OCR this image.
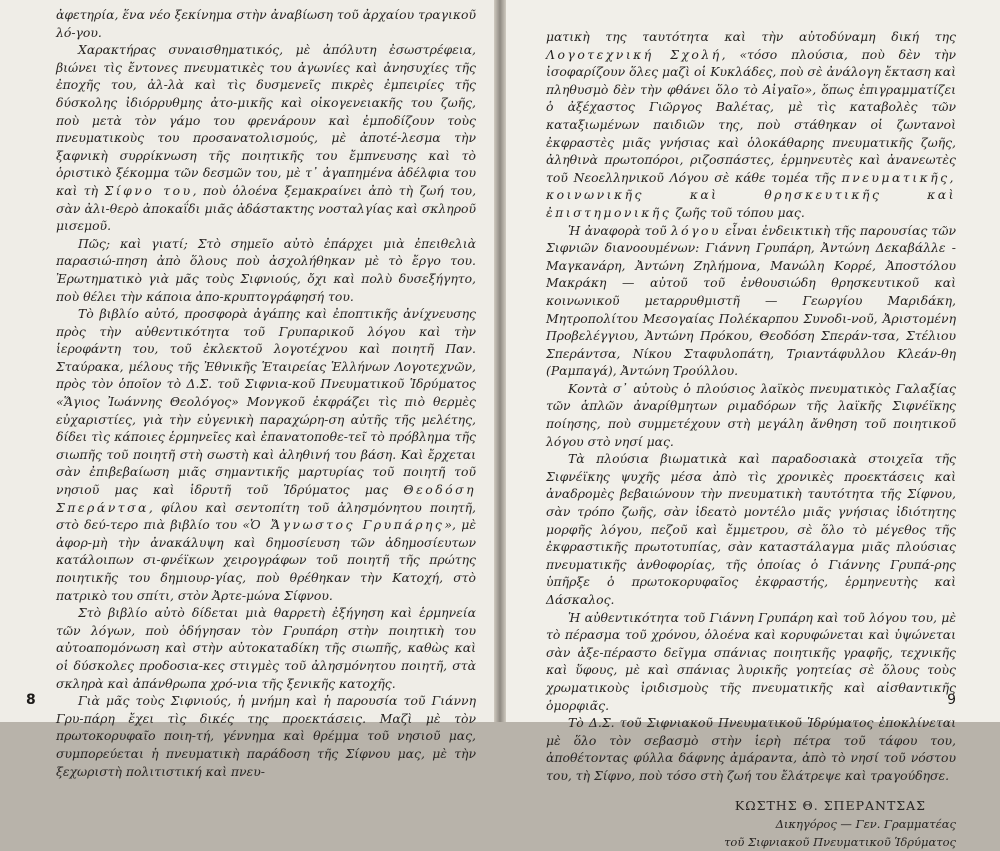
ἀφετηρία, ἕνα νέο ξεκίνημα στὴν ἀναβίωση τοῦ ἀρχαίου τραγικοῦ λό-γου.

Χαρακτήρας συναισθηματικός, μὲ ἀπόλυτη ἐσωστρέφεια, βιώνει τὶς ἔντονες πνευματικὲς του ἀγωνίες καὶ ἀνησυχίες τῆς ἐποχῆς του, ἀλ-λὰ καὶ τὶς δυσμενεῖς πικρὲς ἐμπειρίες τῆς δύσκολης ἰδιόρρυθμης ἀτο-μικῆς καὶ οἰκογενειακῆς του ζωῆς, ποὺ μετὰ τὸν γάμο του φρενάρουν καὶ ἐμποδίζουν τοὺς πνευματικοὺς του προσανατολισμούς, μὲ ἀποτέ-λεσμα τὴν ξαφνικὴ συρρίκνωση τῆς ποιητικῆς του ἔμπνευσης καὶ τὸ ὁριστικὸ ξέκομμα τῶν δεσμῶν του, μὲ τ᾽ ἀγαπημένα ἀδέλφια του καὶ τὴ Σίφνο του, ποὺ ὁλοένα ξεμακραίνει ἀπὸ τὴ ζωή του, σὰν ἀλι-θερὸ ἀποκαΐδι μιᾶς ἀδάστακτης νοσταλγίας καὶ σκληροῦ μισεμοῦ.

Πῶς; καὶ γιατί; Στὸ σημεῖο αὐτὸ ἐπάρχει μιὰ ἐπειθελιὰ παρασιώ-πηση ἀπὸ ὅλους ποὺ ἀσχολήθηκαν μὲ τὸ ἔργο του. Ἐρωτηματικὸ γιὰ μᾶς τοὺς Σιφνιούς, ὄχι καὶ πολὺ δυσεξήγητο, ποὺ θέλει τὴν κάποια ἀπο-κρυπτογράφησή του.

Τὸ βιβλίο αὐτό, προσφορὰ ἀγάπης καὶ ἐποπτικῆς ἀνίχνευσης πρὸς τὴν αὐθεντικότητα τοῦ Γρυπαρικοῦ λόγου καὶ τὴν ἱεροφάντη του, τοῦ ἐκλεκτοῦ λογοτέχνου καὶ ποιητῆ Παν. Σταύρακα, μέλους τῆς Ἐθνικῆς Ἑταιρείας Ἑλλήνων Λογοτεχνῶν, πρὸς τὸν ὁποῖον τὸ Δ.Σ. τοῦ Σιφνια-κοῦ Πνευματικοῦ Ἱδρύματος «Ἅγιος Ἰωάννης Θεολόγος» Μονγκοῦ ἐκφράζει τὶς πιὸ θερμὲς εὐχαριστίες, γιὰ τὴν εὐγενικὴ παραχώρη-ση αὐτῆς τῆς μελέτης, δίδει τὶς κάποιες ἑρμηνεῖες καὶ ἐπανατοποθε-τεῖ τὸ πρόβλημα τῆς σιωπῆς τοῦ ποιητῆ στὴ σωστὴ καὶ ἀληθινή του βάση. Καὶ ἔρχεται σὰν ἐπιβεβαίωση μιᾶς σημαντικῆς μαρτυρίας τοῦ ποιητῆ τοῦ νησιοῦ μας καὶ ἱδρυτῆ τοῦ Ἱδρύματος μας Θεοδόση Σπεράντσα, φίλου καὶ σεντοπίτη τοῦ ἀλησμόνητου ποιητῆ, στὸ δεύ-τερο πιὰ βιβλίο του «Ὁ Ἄγνωστος Γρυπάρης», μὲ ἀφορ-μὴ τὴν ἀνακάλυψη καὶ δημοσίευση τῶν ἀδημοσίευτων κατάλοιπων σι-φνέϊκων χειρογράφων τοῦ ποιητῆ τῆς πρώτης ποιητικῆς του δημιουρ-γίας, ποὺ θρέθηκαν τὴν Κατοχή, στὸ πατρικὸ του σπίτι, στὸν Ἀρτε-μώνα Σίφνου.

Στὸ βιβλίο αὐτὸ δίδεται μιὰ θαρρετὴ ἐξήγηση καὶ ἑρμηνεία τῶν λόγων, ποὺ ὁδήγησαν τὸν Γρυπάρη στὴν ποιητικὴ του αὐτοαπομόνωση καὶ στὴν αὐτοκαταδίκη τῆς σιωπῆς, καθὼς καὶ οἱ δύσκολες προδοσια-κες στιγμὲς τοῦ ἀλησμόνητου ποιητῆ, στὰ σκληρὰ καὶ ἀπάνθρωπα χρό-νια τῆς ξενικῆς κατοχῆς.

Γιὰ μᾶς τοὺς Σιφνιούς, ἡ μνήμη καὶ ἡ παρουσία τοῦ Γιάννη Γρυ-πάρη ἔχει τὶς δικές της προεκτάσεις. Μαζὶ μὲ τὸν πρωτοκορυφαῖο ποιη-τή, γέννημα καὶ θρέμμα τοῦ νησιοῦ μας, συμπορεύεται ἡ πνευματικὴ παράδοση τῆς Σίφνου μας, μὲ τὴν ξεχωριστὴ πολιτιστική καὶ πνευ-

8

ματικὴ της ταυτότητα καὶ τὴν αὐτοδύναμη δική της Λογοτεχνική Σχολή, «τόσο πλούσια, ποὺ δὲν τὴν ἰσοφαρίζουν ὅλες μαζὶ οἱ Κυκλάδες, ποὺ σὲ ἀνάλογη ἔκταση καὶ πληθυσμὸ δὲν τὴν φθάνει ὅλο τὸ Αἰγαῖο», ὅπως ἐπιγραμματίζει ὁ ἀξέχαστος Γιῶργος Βαλέτας, μὲ τὶς καταβολὲς τῶν καταξιωμένων παιδιῶν της, ποὺ στάθηκαν οἱ ζωντανοὶ ἐκφραστὲς μιᾶς γνήσιας καὶ ὁλοκάθαρης πνευματικῆς ζωῆς, ἀληθινὰ πρωτοπόροι, ριζοσπάστες, ἑρμηνευτὲς καὶ ἀνανεωτὲς τοῦ Νεοελληνικοῦ Λόγου σὲ κάθε τομέα τῆς πνευματικῆς, κοινωνικῆς καὶ θρησκευτικῆς καὶ ἐπιστημονικῆς ζωῆς τοῦ τόπου μας.

Ἡ ἀναφορὰ τοῦ λόγου εἶναι ἐνδεικτικὴ τῆς παρουσίας τῶν Σιφνιῶν διανοουμένων: Γιάννη Γρυπάρη, Ἀντώνη Δεκαβάλλε - Μαγκανάρη, Ἀντώνη Ζηλήμονα, Μανώλη Κορρέ, Ἀποστόλου Μακράκη — αὐτοῦ τοῦ ἐνθουσιώδη θρησκευτικοῦ καὶ κοινωνικοῦ μεταρρυθμιστῆ — Γεωργίου Μαριδάκη, Μητροπολίτου Μεσογαίας Πολέκαρπου Συνοδι-νοῦ, Ἀριστομένη Προβελέγγιου, Ἀντώνη Πρόκου, Θεοδόση Σπεράν-τσα, Στέλιου Σπεράντσα, Νίκου Σταφυλοπάτη, Τριαντάφυλλου Κλεάν-θη (Ραμπαγά), Ἀντώνη Τρούλλου.

Κοντὰ σ᾽ αὐτοὺς ὁ πλούσιος λαϊκὸς πνευματικὸς Γαλαξίας τῶν ἁπλῶν ἀναρίθμητων ριμαδόρων τῆς λαϊκῆς Σιφνέϊκης ποίησης, ποὺ συμμετέχουν στὴ μεγάλη ἄνθηση τοῦ ποιητικοῦ λόγου στὸ νησί μας.

Τὰ πλούσια βιωματικὰ καὶ παραδοσιακὰ στοιχεῖα τῆς Σιφνέϊκης ψυχῆς μέσα ἀπὸ τὶς χρονικὲς προεκτάσεις καὶ ἀναδρομὲς βεβαιώνουν τὴν πνευματικὴ ταυτότητα τῆς Σίφνου, σὰν τρόπο ζωῆς, σὰν ἰδεατὸ μοντέλο μιᾶς γνήσιας ἰδιότητης μορφῆς λόγου, πεζοῦ καὶ ἔμμετρου, σὲ ὅλο τὸ μέγεθος τῆς ἐκφραστικῆς πρωτοτυπίας, σὰν καταστάλαγμα μιᾶς πλούσιας πνευματικῆς ἀνθοφορίας, τῆς ὁποίας ὁ Γιάννης Γρυπά-ρης ὑπῆρξε ὁ πρωτοκορυφαῖος ἐκφραστής, ἑρμηνευτὴς καὶ Δάσκαλος.

Ἡ αὐθεντικότητα τοῦ Γιάννη Γρυπάρη καὶ τοῦ λόγου του, μὲ τὸ πέρασμα τοῦ χρόνου, ὁλοένα καὶ κορυφώνεται καὶ ὑψώνεται σὰν ἀξε-πέραστο δεῖγμα σπάνιας ποιητικῆς γραφῆς, τεχνικῆς καὶ ὕφους, μὲ καὶ σπάνιας λυρικῆς γοητείας σὲ ὅλους τοὺς χρωματικοὺς ἰριδισμοὺς τῆς πνευματικῆς καὶ αἰσθαντικῆς ὁμορφιᾶς.

Τὸ Δ.Σ. τοῦ Σιφνιακοῦ Πνευματικοῦ Ἱδρύματος ἐποκλίνεται μὲ ὅλο τὸν σεβασμὸ στὴν ἱερὴ πέτρα τοῦ τάφου του, ἀποθέτοντας φύλλα δάφνης ἀμάραντα, ἀπὸ τὸ νησί τοῦ νόστου του, τὴ Σίφνο, ποὺ τόσο στὴ ζωή του ἔλάτρεψε καὶ τραγούδησε.

ΚΩΣΤΗΣ Θ. ΣΠΕΡΑΝΤΣΑΣ
Δικηγόρος — Γεν. Γραμματέας
τοῦ Σιφνιακοῦ Πνευματικοῦ Ἱδρύματος
9
